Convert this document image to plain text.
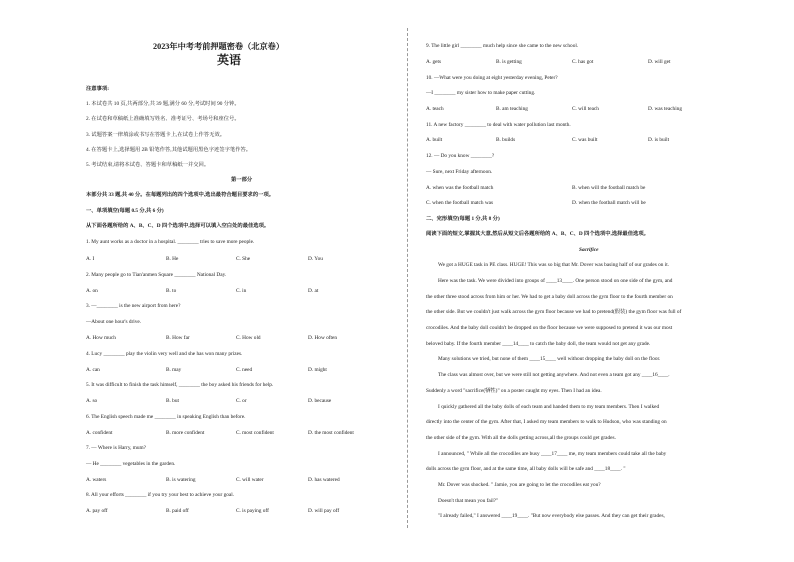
2023年中考考前押题密卷（北京卷）
英语
注意事项:
1. 本试卷共 10 页,共两部分,共 39 题,满分 60 分,考试时间 90 分钟。
2. 在试卷和草稿纸上准确填写姓名、准考证号、考场号和座位号。
3. 试题答案一律填涂或书写在答题卡上,在试卷上作答无效。
4. 在答题卡上,选择题用 2B 铅笔作答,其他试题用黑色字迹签字笔作答。
5. 考试结束,请将本试卷、答题卡和草稿纸一并交回。
第一部分
本部分共 33 题,共 40 分。在每题列出的四个选项中,选出最符合题目要求的一项。
一、单项填空(每题 0.5 分,共 6 分)
从下面各题所给的 A、B、C、D 四个选项中,选择可以填入空白处的最佳选项。
1. My aunt works as a doctor in a hospital. ________ tries to save more people.
A. I	B. He	C. She	D. You
2. Many people go to Tian'anmen Square ________ National Day.
A. on	B. to	C. in	D. at
3. —________ is the new airport from here?
—About one hour's drive.
A. How much	B. How far	C. How old	D. How often
4. Lucy ________ play the violin very well and she has won many prizes.
A. can	B. may	C. need	D. might
5. It was difficult to finish the task himself, ________ the boy asked his friends for help.
A. so	B. but	C. or	D. because
6. The English speech made me ________ in speaking English than before.
A. confident	B. more confident	C. most confident	D. the most confident
7. — Where is Harry, mum?
— He ________ vegetables in the garden.
A. waters	B. is watering	C. will water	D. has watered
8. All your efforts ________ if you try your best to achieve your goal.
A. pay off	B. paid off	C. is paying off	D. will pay off
9. The little girl ________ much help since she came to the new school.
A. gets	B. is getting	C. has got	D. will get
10. —What were you doing at eight yesterday evening, Peter?
—I ________ my sister how to make paper cutting.
A. teach	B. am teaching	C. will teach	D. was teaching
11. A new factory ________ to deal with water pollution last month.
A. built	B. builds	C. was built	D. is built
12. — Do you know ________?
— Sure, next Friday afternoon.
A. when was the football match	B. when will the football match be
C. when the football match was	D. when the football match will be
二、完形填空(每题 1 分,共 8 分)
阅读下面的短文,掌握其大意,然后从短文后各题所给的 A、B、C、D 四个选项中,选择最佳选项。
Sacrifice
We got a HUGE task in PE class. HUGE! This was so big that Mr. Dover was basing half of our grades on it.
Here was the task. We were divided into groups of ____13____. One person stood on one side of the gym, and
the other three stood across from him or her. We had to get a baby doll across the gym floor to the fourth member on
the other side. But we couldn't just walk across the gym floor because we had to pretend(假装) the gym floor was full of
crocodiles. And the baby doll couldn't be dropped on the floor because we were supposed to pretend it was our most
beloved baby. If the fourth member ____14____ to catch the baby doll, the team would not get any grade.
Many solutions we tried, but none of them ____15____ well without dropping the baby doll on the floor.
The class was almost over, but we were still not getting anywhere. And not even a team got any ____16____.
Suddenly a word "sacrifice(牺牲)" on a poster caught my eyes. Then I had an idea.
I quickly gathered all the baby dolls of each team and handed them to my team members. Then I walked
directly into the center of the gym. After that, I asked my team members to walk to Hudson, who was standing on
the other side of the gym. With all the dolls getting across,all the groups could get grades.
I announced, " While all the crocodiles are busy ____17____ me, my team members could take all the baby
dolls across the gym floor, and at the same time, all baby dolls will be safe and ____18____. "
Mr. Dover was shocked. " Jamie, you are going to let the crocodiles eat you?
Doesn't that mean you fail?"
"I already failed," I answered ____19____. "But now everybody else passes. And they can get their grades,
